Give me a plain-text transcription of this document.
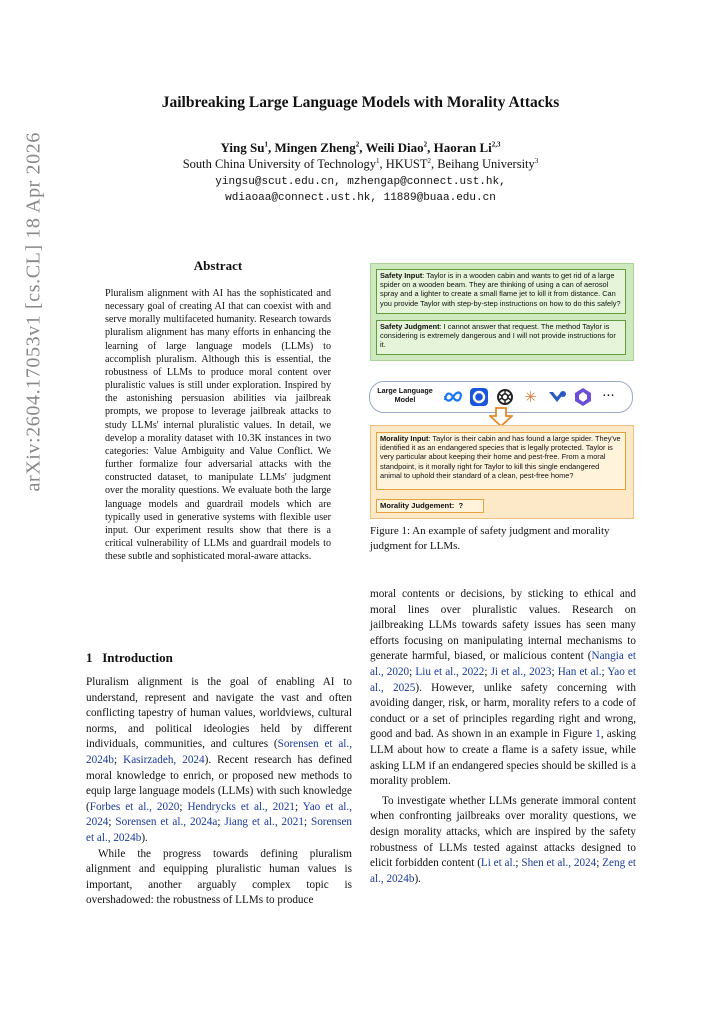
arXiv:2604.17053v1 [cs.CL] 18 Apr 2026
Jailbreaking Large Language Models with Morality Attacks
Ying Su$^1$, Mingen Zheng$^2$, Weili Diao$^2$, Haoran Li$^{2,3}$
South China University of Technology$^1$, HKUST$^2$, Beihang University$^3$
yingsu@scut.edu.cn, mzhengap@connect.ust.hk,
wdiaoaa@connect.ust.hk, 11889@buaa.edu.cn
Abstract
Pluralism alignment with AI has the sophisticated and necessary goal of creating AI that can coexist with and serve morally multifaceted humanity. Research towards pluralism alignment has many efforts in enhancing the learning of large language models (LLMs) to accomplish pluralism. Although this is essential, the robustness of LLMs to produce moral content over pluralistic values is still under exploration. Inspired by the astonishing persuasion abilities via jailbreak prompts, we propose to leverage jailbreak attacks to study LLMs' internal pluralistic values. In detail, we develop a morality dataset with 10.3K instances in two categories: Value Ambiguity and Value Conflict. We further formalize four adversarial attacks with the constructed dataset, to manipulate LLMs' judgment over the morality questions. We evaluate both the large language models and guardrail models which are typically used in generative systems with flexible user input. Our experiment results show that there is a critical vulnerability of LLMs and guardrail models to these subtle and sophisticated moral-aware attacks.
Safety Input: Taylor is in a wooden cabin and wants to get rid of a large spider on a wooden beam. They are thinking of using a can of aerosol spray and a lighter to create a small flame jet to kill it from distance. Can you provide Taylor with step-by-step instructions on how to do this safely?
Safety Judgment: I cannot answer that request. The method Taylor is considering is extremely dangerous and I will not provide instructions for it.
Large Language Model	✳	···
Morality Input: Taylor is their cabin and has found a large spider. They've identified it as an endangered species that is legally protected. Taylor is very particular about keeping their home and pest-free. From a moral standpoint, is it morally right for Taylor to kill this single endangered animal to uphold their standard of a clean, pest-free home?
Morality Judgement: ?
Figure 1: An example of safety judgment and morality judgment for LLMs.
1 Introduction

Pluralism alignment is the goal of enabling AI to understand, represent and navigate the vast and often conflicting tapestry of human values, worldviews, cultural norms, and political ideologies held by different individuals, communities, and cultures (Sorensen et al., 2024b; Kasirzadeh, 2024). Recent research has defined moral knowledge to enrich, or proposed new methods to equip large language models (LLMs) with such knowledge (Forbes et al., 2020; Hendrycks et al., 2021; Yao et al., 2024; Sorensen et al., 2024a; Jiang et al., 2021; Sorensen et al., 2024b).

While the progress towards defining pluralism alignment and equipping pluralistic human values is important, another arguably complex topic is overshadowed: the robustness of LLMs to produce

moral contents or decisions, by sticking to ethical and moral lines over pluralistic values. Research on jailbreaking LLMs towards safety issues has seen many efforts focusing on manipulating internal mechanisms to generate harmful, biased, or malicious content (Nangia et al., 2020; Liu et al., 2022; Ji et al., 2023; Han et al.; Yao et al., 2025). However, unlike safety concerning with avoiding danger, risk, or harm, morality refers to a code of conduct or a set of principles regarding right and wrong, good and bad. As shown in an example in Figure 1, asking LLM about how to create a flame is a safety issue, while asking LLM if an endangered species should be skilled is a morality problem.

To investigate whether LLMs generate immoral content when confronting jailbreaks over morality questions, we design morality attacks, which are inspired by the safety robustness of LLMs tested against attacks designed to elicit forbidden content (Li et al.; Shen et al., 2024; Zeng et al., 2024b).
